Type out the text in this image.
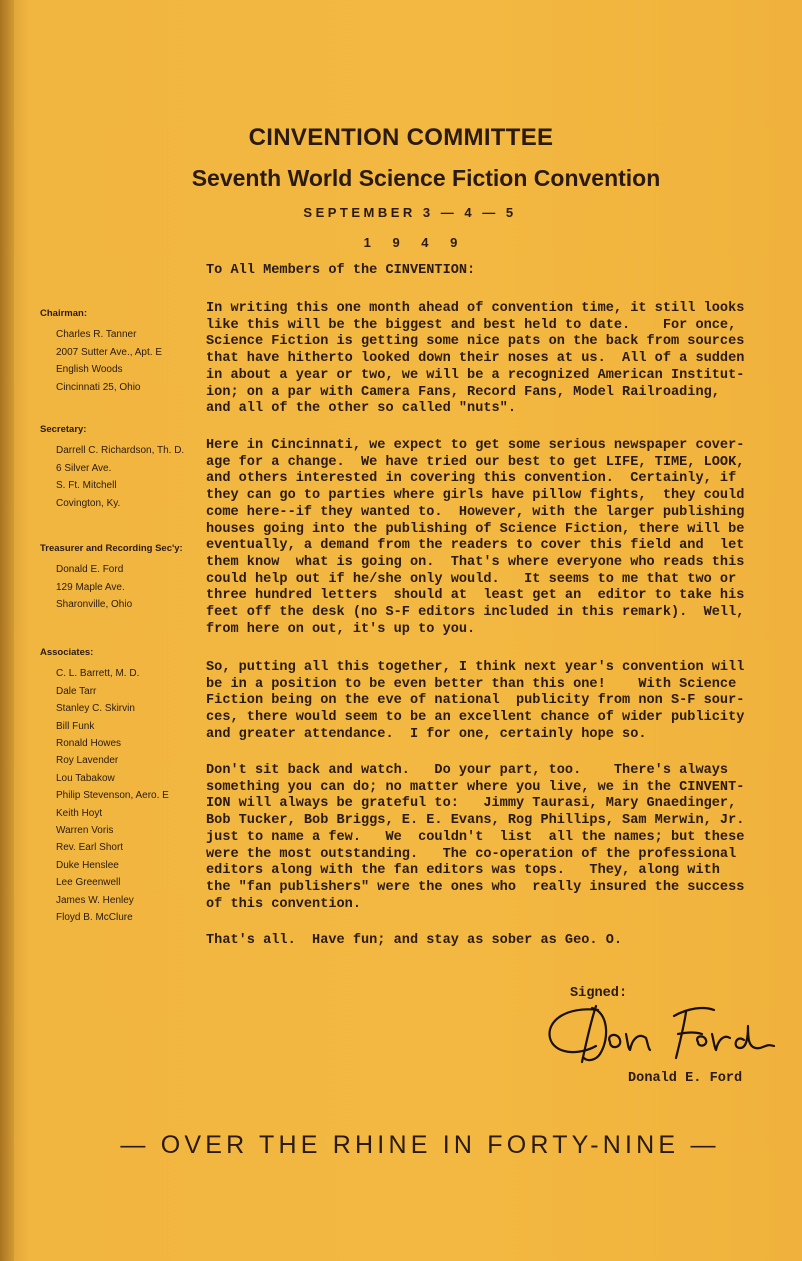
CINVENTION COMMITTEE
Seventh World Science Fiction Convention
SEPTEMBER 3 — 4 — 5
1 9 4 9
To All Members of the CINVENTION:

In writing this one month ahead of convention time, it still looks
like this will be the biggest and best held to date.    For once,
Science Fiction is getting some nice pats on the back from sources
that have hitherto looked down their noses at us.  All of a sudden
in about a year or two, we will be a recognized American Institut-
ion; on a par with Camera Fans, Record Fans, Model Railroading,
and all of the other so called "nuts".

Here in Cincinnati, we expect to get some serious newspaper cover-
age for a change.  We have tried our best to get LIFE, TIME, LOOK,
and others interested in covering this convention.  Certainly, if
they can go to parties where girls have pillow fights,  they could
come here--if they wanted to.  However, with the larger publishing
houses going into the publishing of Science Fiction, there will be
eventually, a demand from the readers to cover this field and  let
them know  what is going on.  That's where everyone who reads this
could help out if he/she only would.   It seems to me that two or
three hundred letters  should at  least get an  editor to take his
feet off the desk (no S-F editors included in this remark).  Well,
from here on out, it's up to you.

So, putting all this together, I think next year's convention will
be in a position to be even better than this one!    With Science
Fiction being on the eve of national  publicity from non S-F sour-
ces, there would seem to be an excellent chance of wider publicity
and greater attendance.  I for one, certainly hope so.

Don't sit back and watch.   Do your part, too.    There's always
something you can do; no matter where you live, we in the CINVENT-
ION will always be grateful to:   Jimmy Taurasi, Mary Gnaedinger,
Bob Tucker, Bob Briggs, E. E. Evans, Rog Phillips, Sam Merwin, Jr.
just to name a few.   We  couldn't  list  all the names; but these
were the most outstanding.   The co-operation of the professional
editors along with the fan editors was tops.   They, along with
the "fan publishers" were the ones who  really insured the success
of this convention.

That's all.  Have fun; and stay as sober as Geo. O.

Signed:
Donald E. Ford
Chairman:
Charles R. Tanner
2007 Sutter Ave., Apt. E
English Woods
Cincinnati 25, Ohio
Secretary:
Darrell C. Richardson, Th. D.
6 Silver Ave.
S. Ft. Mitchell
Covington, Ky.
Treasurer and Recording Sec'y:
Donald E. Ford
129 Maple Ave.
Sharonville, Ohio
Associates:
C. L. Barrett, M. D.
Dale Tarr
Stanley C. Skirvin
Bill Funk
Ronald Howes
Roy Lavender
Lou Tabakow
Philip Stevenson, Aero. E
Keith Hoyt
Warren Voris
Rev. Earl Short
Duke Henslee
Lee Greenwell
James W. Henley
Floyd B. McClure
— OVER THE RHINE IN FORTY-NINE —
